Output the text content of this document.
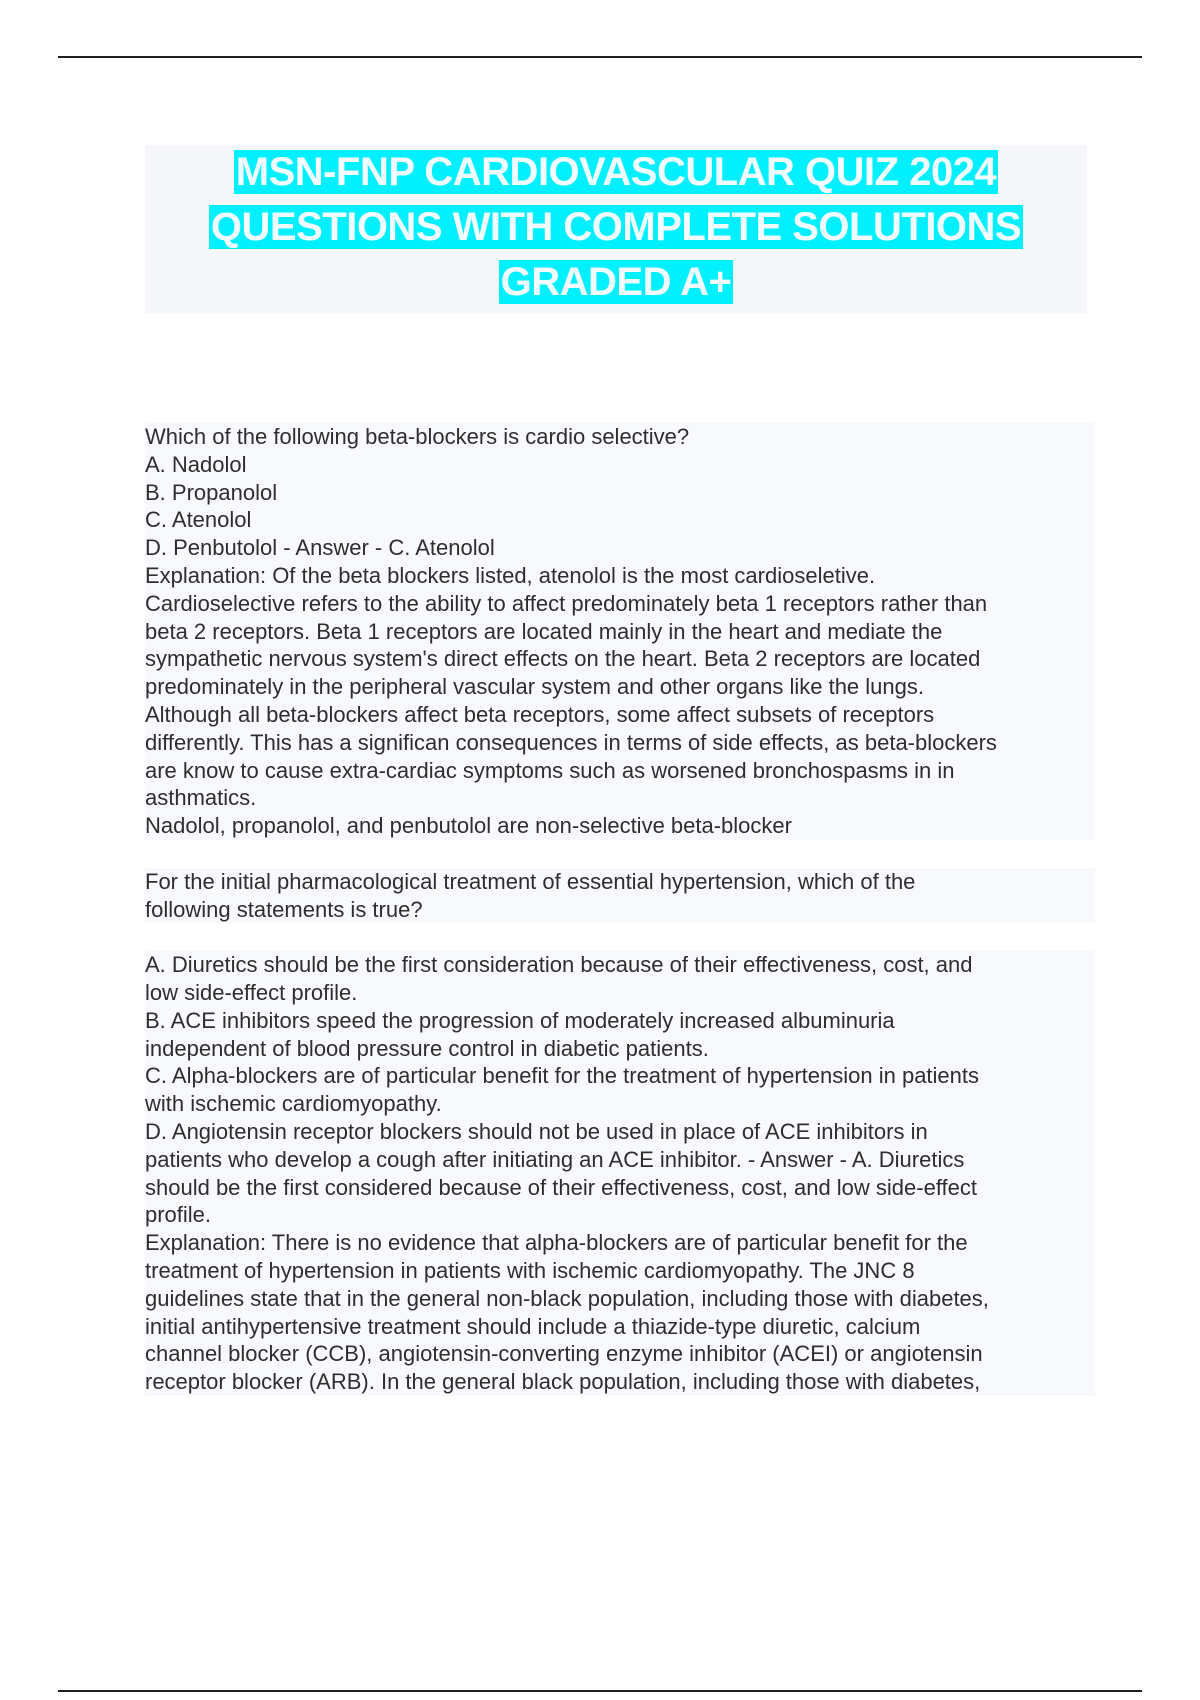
MSN-FNP CARDIOVASCULAR QUIZ 2024
QUESTIONS WITH COMPLETE SOLUTIONS
GRADED A+
Which of the following beta-blockers is cardio selective?
A. Nadolol
B. Propanolol
C. Atenolol
D. Penbutolol - Answer - C. Atenolol
Explanation: Of the beta blockers listed, atenolol is the most cardioseletive.
Cardioselective refers to the ability to affect predominately beta 1 receptors rather than
beta 2 receptors. Beta 1 receptors are located mainly in the heart and mediate the
sympathetic nervous system's direct effects on the heart. Beta 2 receptors are located
predominately in the peripheral vascular system and other organs like the lungs.
Although all beta-blockers affect beta receptors, some affect subsets of receptors
differently. This has a significan consequences in terms of side effects, as beta-blockers
are know to cause extra-cardiac symptoms such as worsened bronchospasms in in
asthmatics.
Nadolol, propanolol, and penbutolol are non-selective beta-blocker
For the initial pharmacological treatment of essential hypertension, which of the
following statements is true?
A. Diuretics should be the first consideration because of their effectiveness, cost, and
low side-effect profile.
B. ACE inhibitors speed the progression of moderately increased albuminuria
independent of blood pressure control in diabetic patients.
C. Alpha-blockers are of particular benefit for the treatment of hypertension in patients
with ischemic cardiomyopathy.
D. Angiotensin receptor blockers should not be used in place of ACE inhibitors in
patients who develop a cough after initiating an ACE inhibitor. - Answer - A. Diuretics
should be the first considered because of their effectiveness, cost, and low side-effect
profile.
Explanation: There is no evidence that alpha-blockers are of particular benefit for the
treatment of hypertension in patients with ischemic cardiomyopathy. The JNC 8
guidelines state that in the general non-black population, including those with diabetes,
initial antihypertensive treatment should include a thiazide-type diuretic, calcium
channel blocker (CCB), angiotensin-converting enzyme inhibitor (ACEI) or angiotensin
receptor blocker (ARB). In the general black population, including those with diabetes,
